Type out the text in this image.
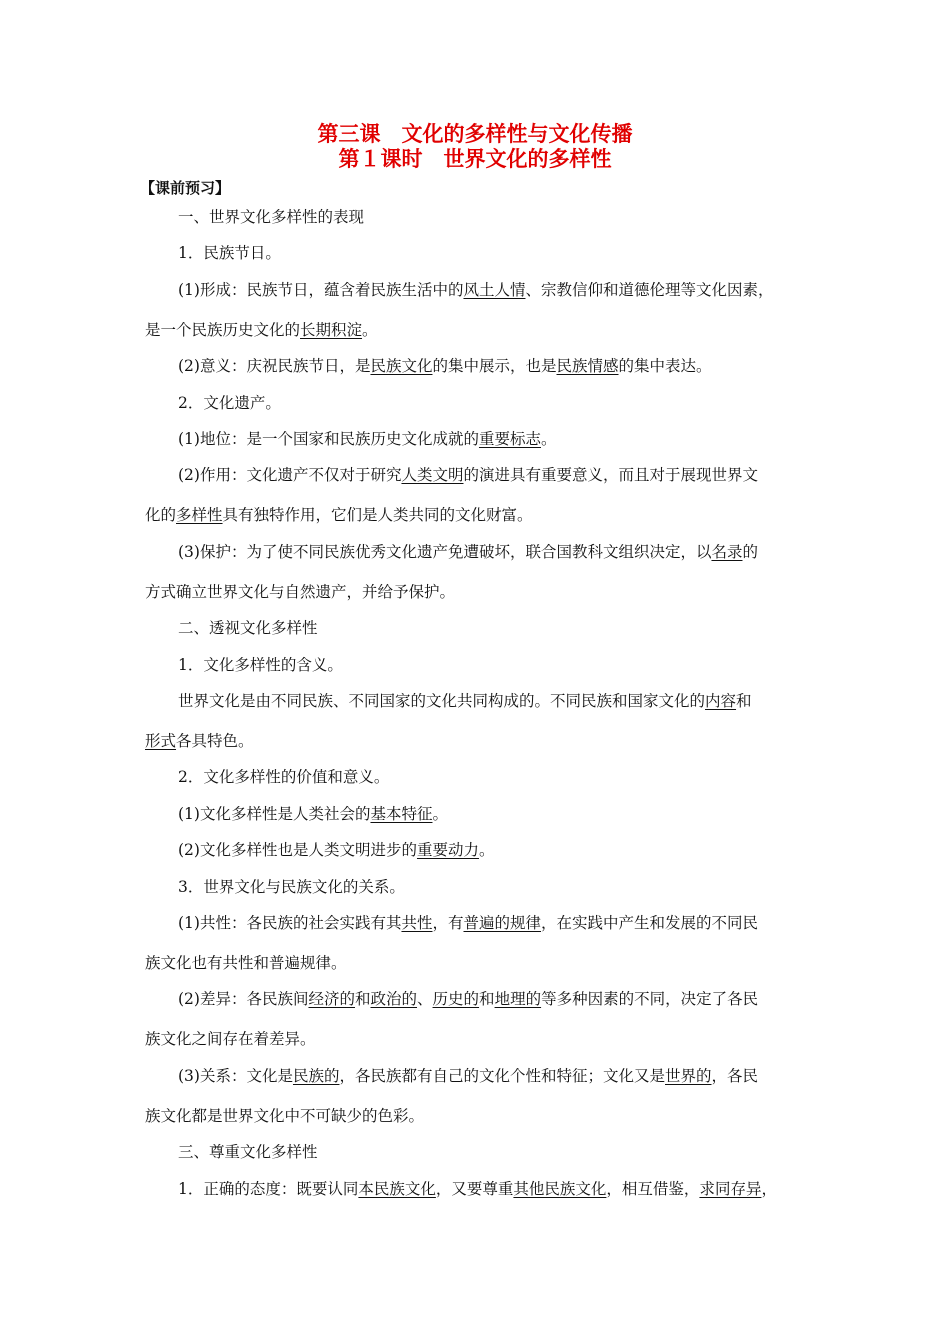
第三课　文化的多样性与文化传播
第１课时　世界文化的多样性
【课前预习】
一、世界文化多样性的表现
1．民族节日。
(1)形成：民族节日，蕴含着民族生活中的风土人情、宗教信仰和道德伦理等文化因素，
是一个民族历史文化的长期积淀。
(2)意义：庆祝民族节日，是民族文化的集中展示，也是民族情感的集中表达。
2．文化遗产。
(1)地位：是一个国家和民族历史文化成就的重要标志。
(2)作用：文化遗产不仅对于研究人类文明的演进具有重要意义，而且对于展现世界文
化的多样性具有独特作用，它们是人类共同的文化财富。
(3)保护：为了使不同民族优秀文化遗产免遭破坏，联合国教科文组织决定，以名录的
方式确立世界文化与自然遗产，并给予保护。
二、透视文化多样性
1．文化多样性的含义。
世界文化是由不同民族、不同国家的文化共同构成的。不同民族和国家文化的内容和
形式各具特色。
2．文化多样性的价值和意义。
(1)文化多样性是人类社会的基本特征。
(2)文化多样性也是人类文明进步的重要动力。
3．世界文化与民族文化的关系。
(1)共性：各民族的社会实践有其共性，有普遍的规律，在实践中产生和发展的不同民
族文化也有共性和普遍规律。
(2)差异：各民族间经济的和政治的、历史的和地理的等多种因素的不同，决定了各民
族文化之间存在着差异。
(3)关系：文化是民族的，各民族都有自己的文化个性和特征；文化又是世界的，各民
族文化都是世界文化中不可缺少的色彩。
三、尊重文化多样性
1．正确的态度：既要认同本民族文化，又要尊重其他民族文化，相互借鉴，求同存异，
